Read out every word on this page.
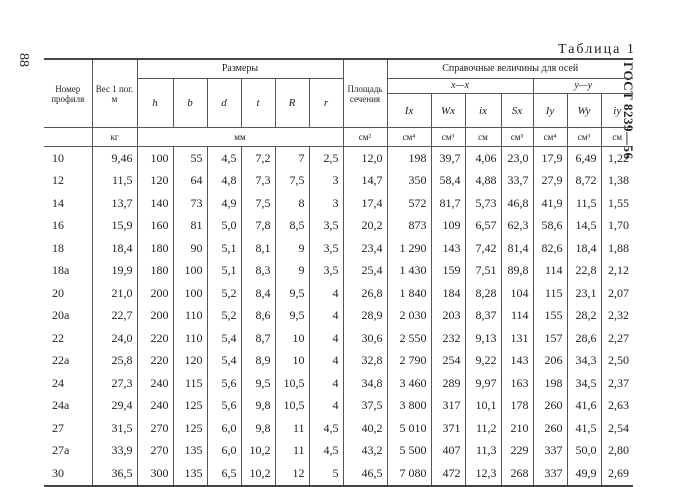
88
Таблица 1
ГОСТ 8239—56
Номер профиля	Вес 1 пог. м	Размеры						Площадь сечения	Справочные величины для осей						
		h	b	d	t	R	r		x—x				y—y		
									Ix	Wx	ix	Sx	Iy	Wy	iy
	кг	мм						см²	см⁴	см³	см	см³	см⁴	см³	см
10	9,46	100	55	4,5	7,2	7	2,5	12,0	198	39,7	4,06	23,0	17,9	6,49	1,22
12	11,5	120	64	4,8	7,3	7,5	3	14,7	350	58,4	4,88	33,7	27,9	8,72	1,38
14	13,7	140	73	4,9	7,5	8	3	17,4	572	81,7	5,73	46,8	41,9	11,5	1,55
16	15,9	160	81	5,0	7,8	8,5	3,5	20,2	873	109	6,57	62,3	58,6	14,5	1,70
18	18,4	180	90	5,1	8,1	9	3,5	23,4	1 290	143	7,42	81,4	82,6	18,4	1,88
18a	19,9	180	100	5,1	8,3	9	3,5	25,4	1 430	159	7,51	89,8	114	22,8	2,12
20	21,0	200	100	5,2	8,4	9,5	4	26,8	1 840	184	8,28	104	115	23,1	2,07
20a	22,7	200	110	5,2	8,6	9,5	4	28,9	2 030	203	8,37	114	155	28,2	2,32
22	24,0	220	110	5,4	8,7	10	4	30,6	2 550	232	9,13	131	157	28,6	2,27
22a	25,8	220	120	5,4	8,9	10	4	32,8	2 790	254	9,22	143	206	34,3	2,50
24	27,3	240	115	5,6	9,5	10,5	4	34,8	3 460	289	9,97	163	198	34,5	2,37
24a	29,4	240	125	5,6	9,8	10,5	4	37,5	3 800	317	10,1	178	260	41,6	2,63
27	31,5	270	125	6,0	9,8	11	4,5	40,2	5 010	371	11,2	210	260	41,5	2,54
27a	33,9	270	135	6,0	10,2	11	4,5	43,2	5 500	407	11,3	229	337	50,0	2,80
30	36,5	300	135	6,5	10,2	12	5	46,5	7 080	472	12,3	268	337	49,9	2,69
